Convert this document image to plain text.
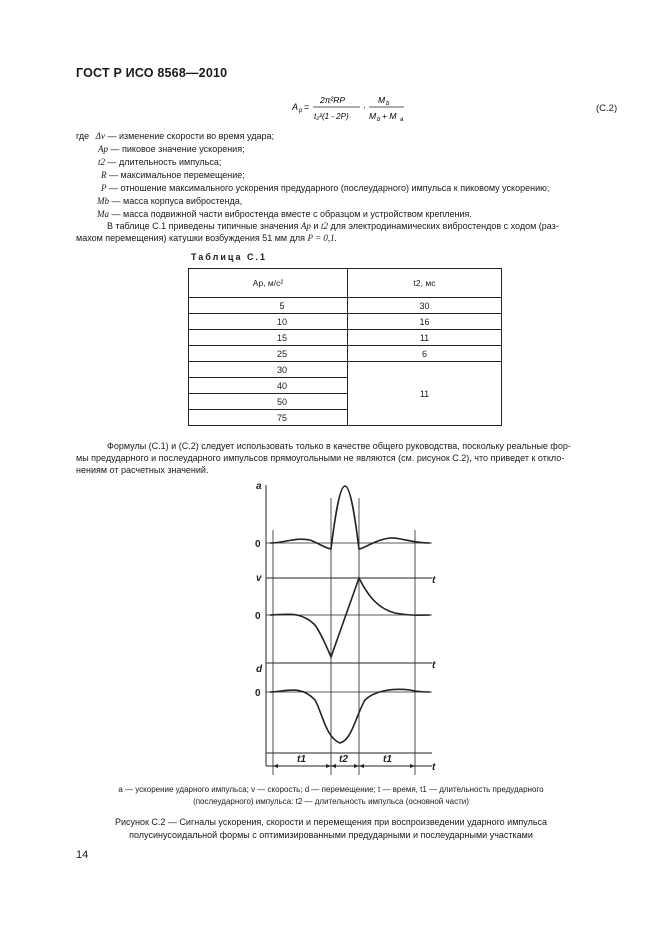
ГОСТ Р ИСО 8568—2010
A p =
2π²RP
t₂²(1 - 2P)
·
M b
M b + M a
(C.2)
где Δv — изменение скорости во время удара;
Ap — пиковое значение ускорения;
t2 — длительность импульса;
R — максимальное перемещение;
P — отношение максимального ускорения предударного (послеударного) импульса к пиковому ускорению;
Mb — масса корпуса вибростенда,
Ma — масса подвижной части вибростенда вместе с образцом и устройством крепления.
В таблице С.1 приведены типичные значения Ap и t2 для электродинамических вибростендов с ходом (раз-
махом перемещения) катушки возбуждения 51 мм для P = 0,1.
Таблица С.1
Ap, м/с²	t2, мс
5	30
10	16
15	11
25	6
30	11
40	
50	
75	
Формулы (С.1) и (С.2) следует использовать только в качестве общего руководства, поскольку реальные фор-
мы предударного и послеударного импульсов прямоугольными не являются (см. рисунок С.2), что приведет к откло-
нениям от расчетных значений.
a
v
d
t
t
t
0
0
0
t1	t2	t1
a — ускорение ударного импульса; v — скорость; d — перемещение; t — время, t1 — длительность предударного
(послеударного) импульса: t2 — длительность импульса (основной части)
Рисунок С.2 — Сигналы ускорения, скорости и перемещения при воспроизведении ударного импульса
полусинусоидальной формы с оптимизированными предударными и послеударными участками
14
